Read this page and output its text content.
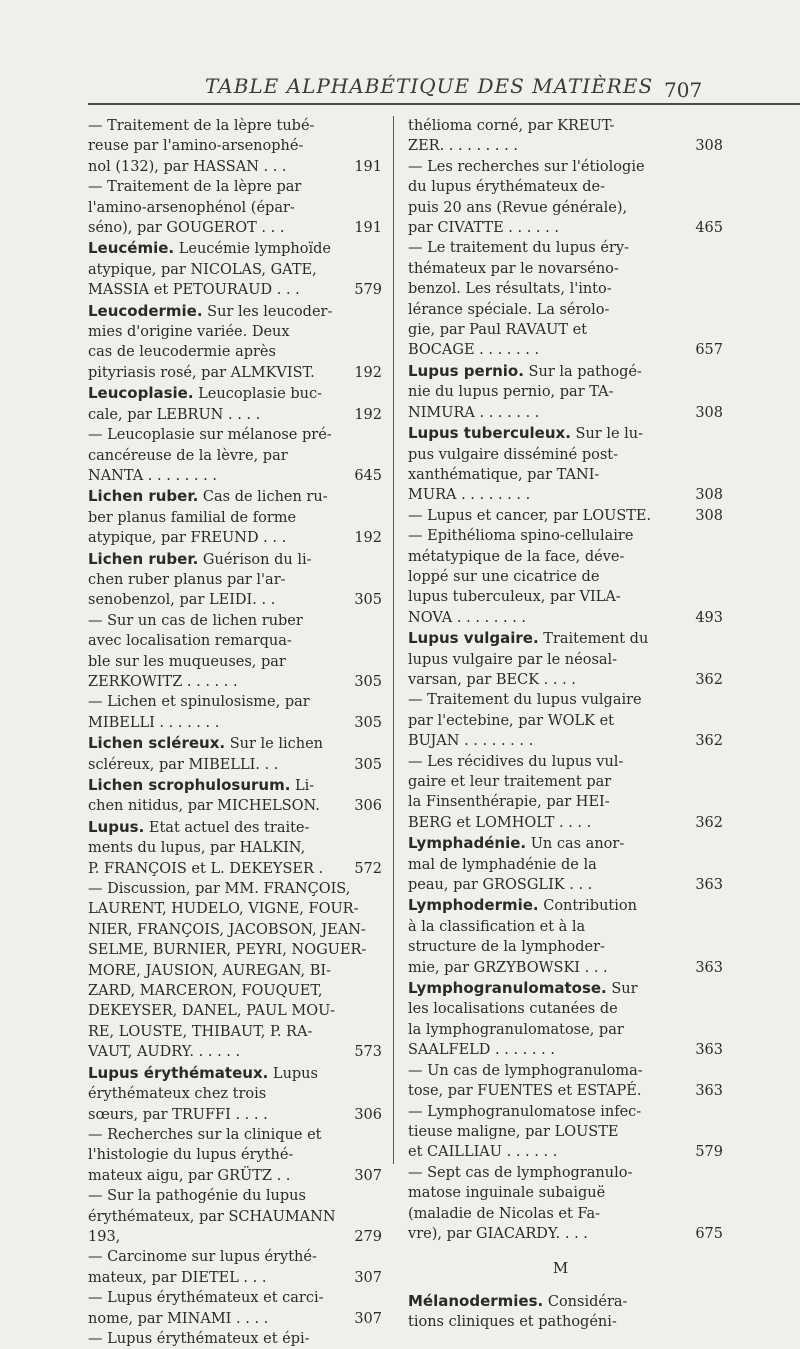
TABLE ALPHABÉTIQUE DES MATIÈRES 707
— Traitement de la lèpre tubé-
reuse par l'amino-arsenophé-
nol (132), par HASSAN . . .	191
— Traitement de la lèpre par
l'amino-arsenophénol (épar-
séno), par GOUGEROT . . .	191
Leucémie. Leucémie lymphoïde
atypique, par NICOLAS, GATE,
MASSIA et PETOURAUD . . .	579
Leucodermie. Sur les leucoder-
mies d'origine variée. Deux
cas de leucodermie après
pityriasis rosé, par ALMKVIST.	192
Leucoplasie. Leucoplasie buc-
cale, par LEBRUN . . . .	192
— Leucoplasie sur mélanose pré-
cancéreuse de la lèvre, par
NANTA . . . . . . . .	645
Lichen ruber. Cas de lichen ru-
ber planus familial de forme
atypique, par FREUND . . .	192
Lichen ruber. Guérison du li-
chen ruber planus par l'ar-
senobenzol, par LEIDI. . .	305
— Sur un cas de lichen ruber
avec localisation remarqua-
ble sur les muqueuses, par
ZERKOWITZ . . . . . .	305
— Lichen et spinulosisme, par
MIBELLI . . . . . . .	305
Lichen scléreux. Sur le lichen
scléreux, par MIBELLI. . .	305
Lichen scrophulosurum. Li-
chen nitidus, par MICHELSON.	306
Lupus. Etat actuel des traite-
ments du lupus, par HALKIN,
P. FRANÇOIS et L. DEKEYSER .	572
— Discussion, par MM. FRANÇOIS,
LAURENT, HUDELO, VIGNE, FOUR-
NIER, FRANÇOIS, JACOBSON, JEAN-
SELME, BURNIER, PEYRI, NOGUER-
MORE, JAUSION, AUREGAN, BI-
ZARD, MARCERON, FOUQUET,
DEKEYSER, DANEL, PAUL MOU-
RE, LOUSTE, THIBAUT, P. RA-
VAUT, AUDRY. . . . . .	573
Lupus érythémateux. Lupus
érythémateux chez trois
sœurs, par TRUFFI . . . .	306
— Recherches sur la clinique et
l'histologie du lupus érythé-
mateux aigu, par GRÜTZ . .	307
— Sur la pathogénie du lupus
érythémateux, par SCHAUMANN
193,	279
— Carcinome sur lupus érythé-
mateux, par DIETEL . . .	307
— Lupus érythémateux et carci-
nome, par MINAMI . . . .	307
— Lupus érythémateux et épi-
thélioma corné, par KREUT-
ZER. . . . . . . . .	308
— Les recherches sur l'étiologie
du lupus érythémateux de-
puis 20 ans (Revue générale),
par CIVATTE . . . . . .	465
— Le traitement du lupus éry-
thémateux par le novarséno-
benzol. Les résultats, l'into-
lérance spéciale. La sérolo-
gie, par Paul RAVAUT et
BOCAGE . . . . . . .	657
Lupus pernio. Sur la pathogé-
nie du lupus pernio, par TA-
NIMURA . . . . . . .	308
Lupus tuberculeux. Sur le lu-
pus vulgaire disséminé post-
xanthématique, par TANI-
MURA . . . . . . . .	308
— Lupus et cancer, par LOUSTE.	308
— Epithélioma spino-cellulaire
métatypique de la face, déve-
loppé sur une cicatrice de
lupus tuberculeux, par VILA-
NOVA . . . . . . . .	493
Lupus vulgaire. Traitement du
lupus vulgaire par le néosal-
varsan, par BECK . . . .	362
— Traitement du lupus vulgaire
par l'ectebine, par WOLK et
BUJAN . . . . . . . .	362
— Les récidives du lupus vul-
gaire et leur traitement par
la Finsenthérapie, par HEI-
BERG et LOMHOLT . . . .	362
Lymphadénie. Un cas anor-
mal de lymphadénie de la
peau, par GROSGLIK . . .	363
Lymphodermie. Contribution
à la classification et à la
structure de la lymphoder-
mie, par GRZYBOWSKI . . .	363
Lymphogranulomatose. Sur
les localisations cutanées de
la lymphogranulomatose, par
SAALFELD . . . . . . .	363
— Un cas de lymphogranuloma-
tose, par FUENTES et ESTAPÉ.	363
— Lymphogranulomatose infec-
tieuse maligne, par LOUSTE
et CAILLIAU . . . . . .	579
— Sept cas de lymphogranulo-
matose inguinale subaiguë
(maladie de Nicolas et Fa-
vre), par GIACARDY. . . .	675
M
Mélanodermies. Considéra-
tions cliniques et pathogéni-
